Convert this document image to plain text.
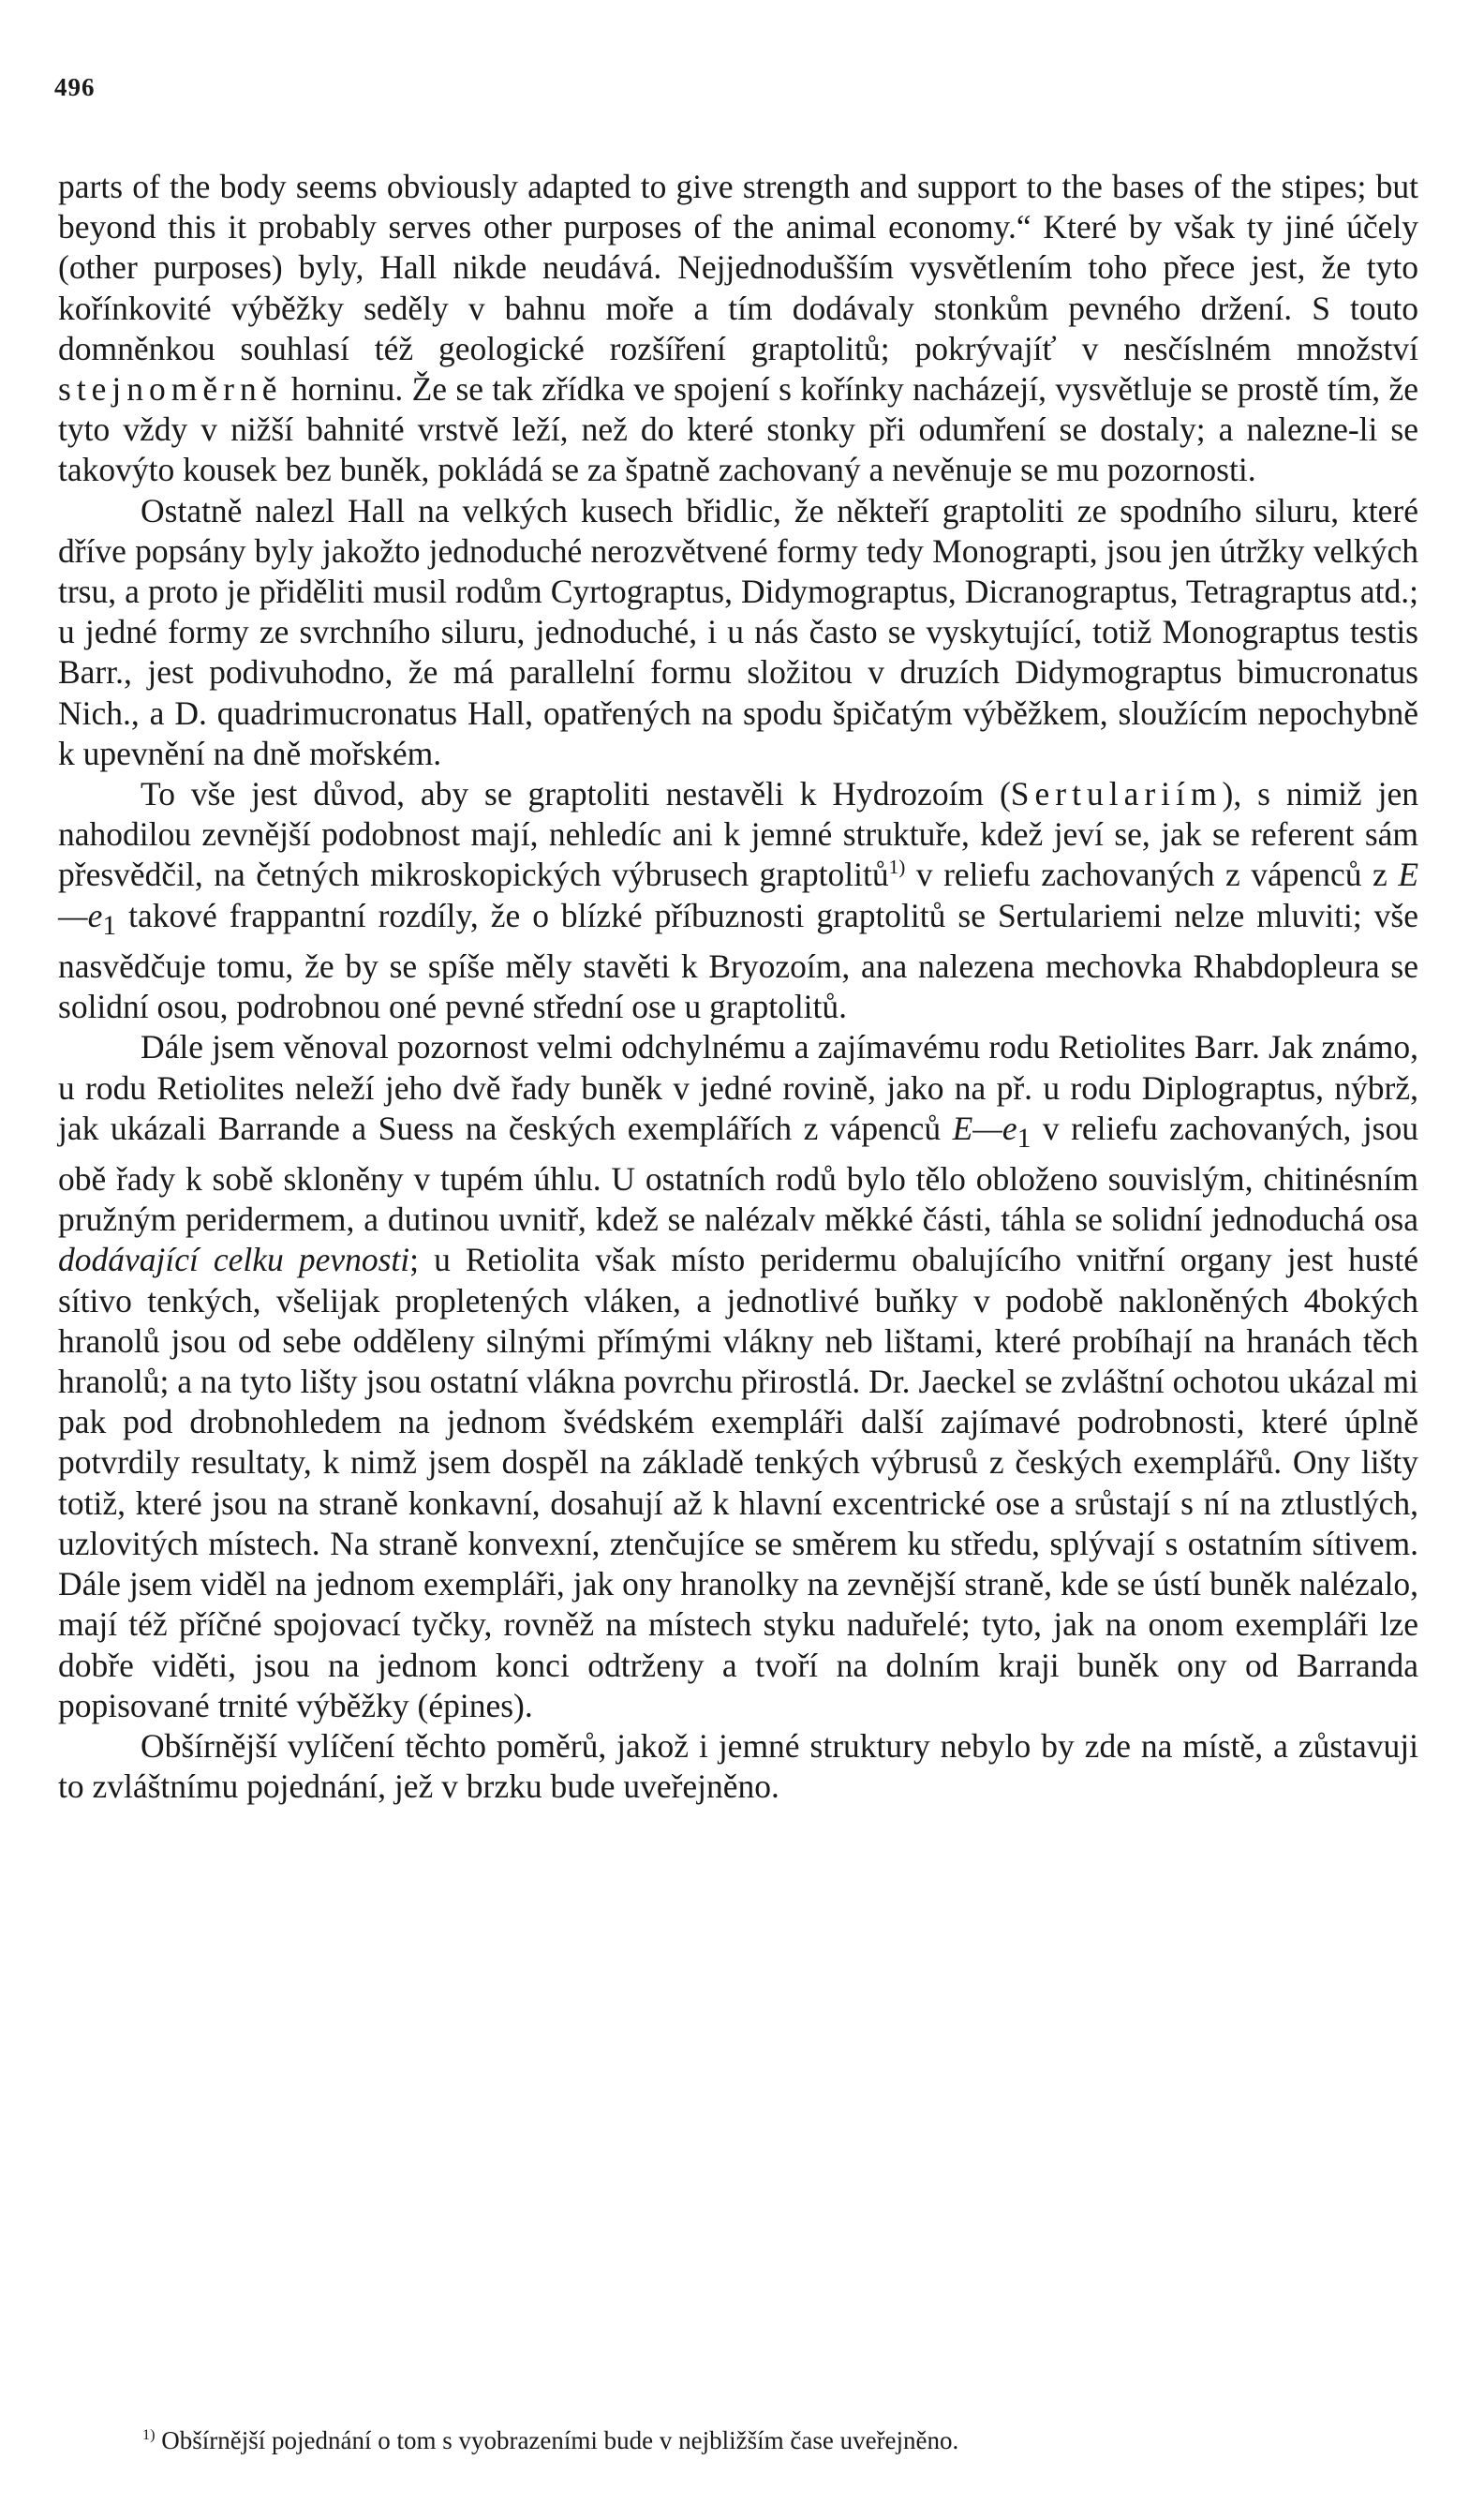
496

parts of the body seems obviously adapted to give strength and support to the bases of the stipes; but beyond this it probably serves other purposes of the animal economy.“ Které by však ty jiné účely (other purposes) byly, Hall nikde neudává. Nejjednodušším vysvětlením toho přece jest, že tyto kořínkovité výběžky seděly v bahnu moře a tím dodávaly stonkům pevného držení. S touto domněnkou souhlasí též geologické rozšíření graptolitů; pokrývajíť v nesčíslném množství stejnoměrně horninu. Že se tak zřídka ve spojení s kořínky nacházejí, vysvětluje se prostě tím, že tyto vždy v nižší bahnité vrstvě leží, než do které stonky při odumření se dostaly; a nalezne-li se takovýto kousek bez buněk, pokládá se za špatně zachovaný a nevěnuje se mu pozornosti.

Ostatně nalezl Hall na velkých kusech břidlic, že někteří graptoliti ze spodního siluru, které dříve popsány byly jakožto jednoduché nerozvětvené formy tedy Monograpti, jsou jen útržky velkých trsu, a proto je přiděliti musil rodům Cyrtograptus, Didymograptus, Dicranograptus, Tetragraptus atd.; u jedné formy ze svrchního siluru, jednoduché, i u nás často se vyskytující, totiž Monograptus testis Barr., jest podivuhodno, že má parallelní formu složitou v druzích Didymograptus bimucronatus Nich., a D. quadrimucronatus Hall, opatřených na spodu špičatým výběžkem, sloužícím nepochybně k upevnění na dně mořském.

To vše jest důvod, aby se graptoliti nestavěli k Hydrozoím (Sertulariím), s nimiž jen nahodilou zevnější podobnost mají, nehledíc ani k jemné struktuře, kdež jeví se, jak se referent sám přesvědčil, na četných mikroskopických výbrusech graptolitů$^{1)}$ v reliefu zachovaných z vápenců z $E—e_1$ takové frappantní rozdíly, že o blízké příbuznosti graptolitů se Sertulariemi nelze mluviti; vše nasvědčuje tomu, že by se spíše měly stavěti k Bryozoím, ana nalezena mechovka Rhabdopleura se solidní osou, podrobnou oné pevné střední ose u graptolitů.

Dále jsem věnoval pozornost velmi odchylnému a zajímavému rodu Retiolites Barr. Jak známo, u rodu Retiolites neleží jeho dvě řady buněk v jedné rovině, jako na př. u rodu Diplograptus, nýbrž, jak ukázali Barrande a Suess na českých exemplářích z vápenců $E—e_1$ v reliefu zachovaných, jsou obě řady k sobě skloněny v tupém úhlu. U ostatních rodů bylo tělo obloženo souvislým, chitinésním pružným peridermem, a dutinou uvnitř, kdež se nalézalv měkké části, táhla se solidní jednoduchá osa dodávající celku pevnosti; u Retiolita však místo peridermu obalujícího vnitřní organy jest husté sítivo tenkých, všelijak propletených vláken, a jednotlivé buňky v podobě nakloněných 4bokých hranolů jsou od sebe odděleny silnými přímými vlákny neb lištami, které probíhají na hranách těch hranolů; a na tyto lišty jsou ostatní vlákna povrchu přirostlá. Dr. Jaeckel se zvláštní ochotou ukázal mi pak pod drobnohledem na jednom švédském exempláři další zajímavé podrobnosti, které úplně potvrdily resultaty, k nimž jsem dospěl na základě tenkých výbrusů z českých exemplářů. Ony lišty totiž, které jsou na straně konkavní, dosahují až k hlavní excentrické ose a srůstají s ní na ztlustlých, uzlovitých místech. Na straně konvexní, ztenčujíce se směrem ku středu, splývají s ostatním sítivem. Dále jsem viděl na jednom exempláři, jak ony hranolky na zevnější straně, kde se ústí buněk nalézalo, mají též příčné spojovací tyčky, rovněž na místech styku naduřelé; tyto, jak na onom exempláři lze dobře viděti, jsou na jednom konci odtrženy a tvoří na dolním kraji buněk ony od Barranda popisované trnité výběžky (épines).

Obšírnější vylíčení těchto poměrů, jakož i jemné struktury nebylo by zde na místě, a zůstavuji to zvláštnímu pojednání, jež v brzku bude uveřejněno.

$^{1)}$ Obšírnější pojednání o tom s vyobrazeními bude v nejbližším čase uveřejněno.
